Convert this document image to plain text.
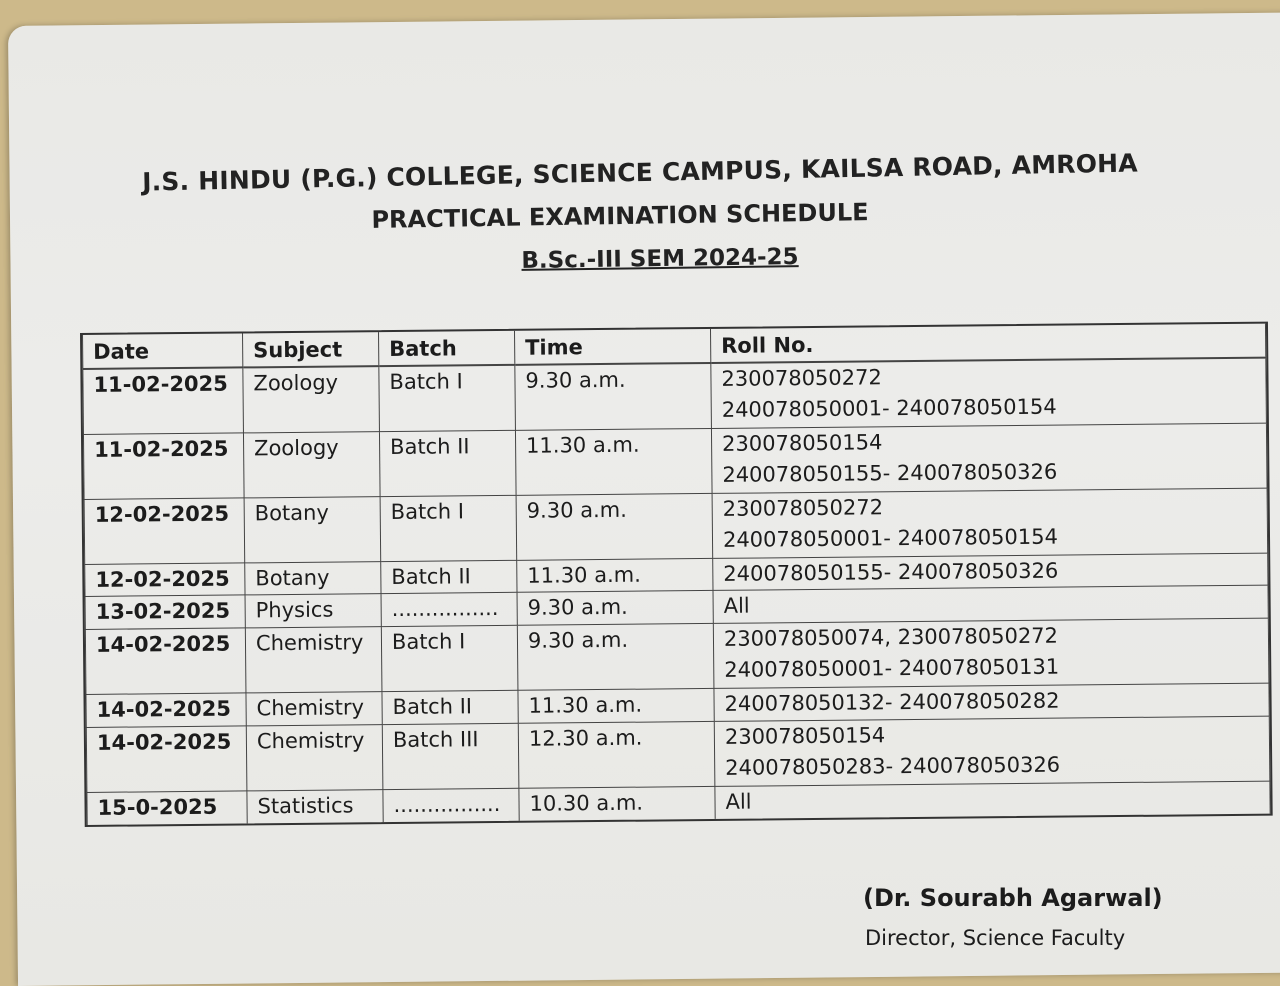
J.S. HINDU (P.G.) COLLEGE, SCIENCE CAMPUS, KAILSA ROAD, AMROHA
PRACTICAL EXAMINATION SCHEDULE
B.Sc.-III SEM 2024-25
Date	Subject	Batch	Time	Roll No.
11-02-2025	Zoology	Batch I	9.30 a.m.	230078050272
240078050001- 240078050154

11-02-2025	Zoology	Batch II	11.30 a.m.	230078050154
240078050155- 240078050326

12-02-2025	Botany	Batch I	9.30 a.m.	230078050272
240078050001- 240078050154

12-02-2025	Botany	Batch II	11.30 a.m.	240078050155- 240078050326

13-02-2025	Physics	................	9.30 a.m.	All

14-02-2025	Chemistry	Batch I	9.30 a.m.	230078050074, 230078050272
240078050001- 240078050131

14-02-2025	Chemistry	Batch II	11.30 a.m.	240078050132- 240078050282

14-02-2025	Chemistry	Batch III	12.30 a.m.	230078050154
240078050283- 240078050326

15-0-2025	Statistics	................	10.30 a.m.	All
(Dr. Sourabh Agarwal)
Director, Science Faculty
